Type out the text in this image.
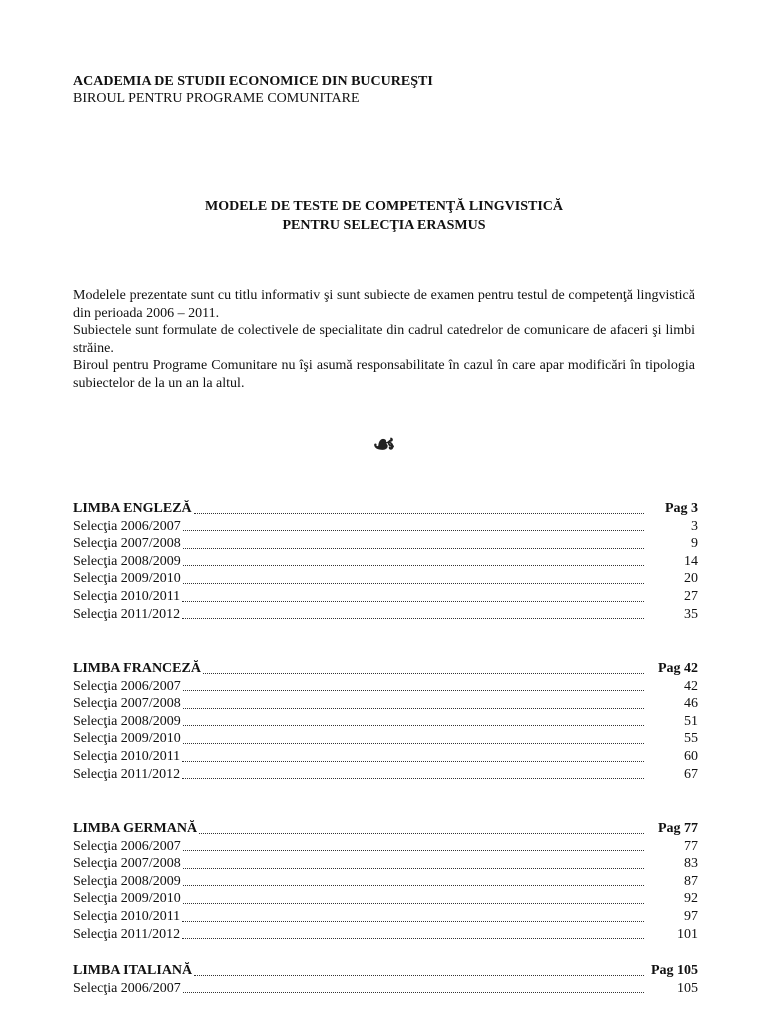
ACADEMIA DE STUDII ECONOMICE DIN BUCUREŞTI
BIROUL PENTRU PROGRAME COMUNITARE
MODELE DE TESTE DE COMPETENŢĂ LINGVISTICĂ
PENTRU SELECŢIA ERASMUS

Modelele prezentate sunt cu titlu informativ şi sunt subiecte de examen pentru testul de competenţă lingvistică din perioada 2006 – 2011.

Subiectele sunt formulate de colectivele de specialitate din cadrul catedrelor de comunicare de afaceri şi limbi străine.

Biroul pentru Programe Comunitare nu îşi asumă responsabilitate în cazul în care apar modificări în tipologia subiectelor de la un an la altul.

☙
LIMBA ENGLEZĂ	Pag 3
Selecţia 2006/2007	3
Selecţia 2007/2008	9
Selecţia 2008/2009	14
Selecţia 2009/2010	20
Selecţia 2010/2011	27
Selecţia 2011/2012	35
LIMBA FRANCEZĂ	Pag 42
Selecţia 2006/2007	42
Selecţia 2007/2008	46
Selecţia 2008/2009	51
Selecţia 2009/2010	55
Selecţia 2010/2011	60
Selecţia 2011/2012	67
LIMBA GERMANĂ	Pag 77
Selecţia 2006/2007	77
Selecţia 2007/2008	83
Selecţia 2008/2009	87
Selecţia 2009/2010	92
Selecţia 2010/2011	97
Selecţia 2011/2012	101
LIMBA ITALIANĂ	Pag 105
Selecţia 2006/2007	105
